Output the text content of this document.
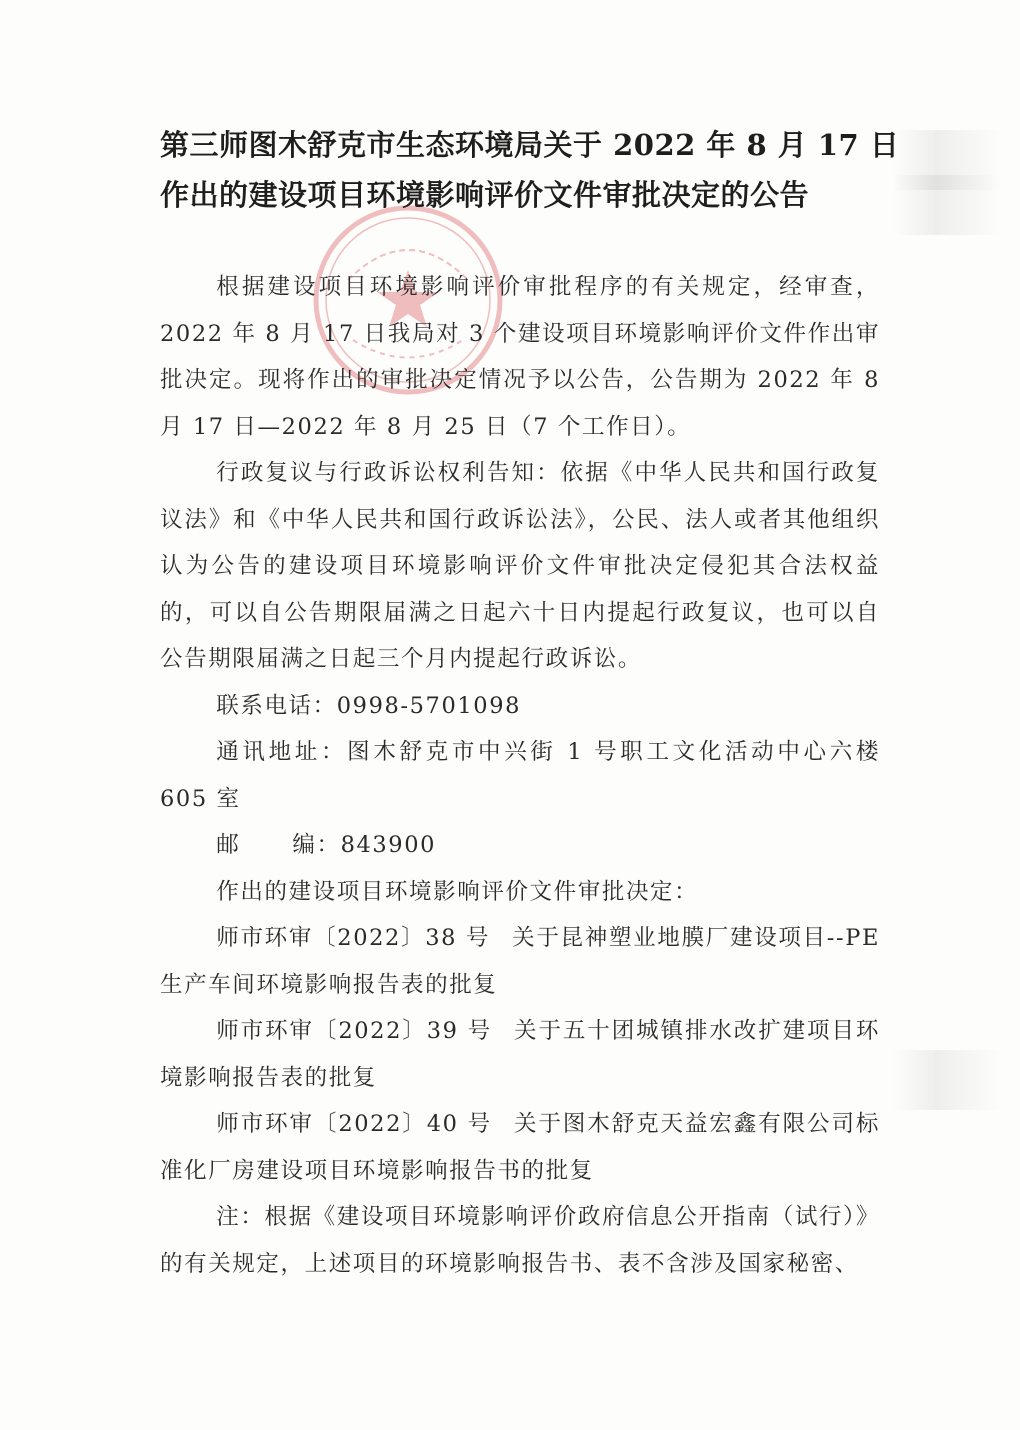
第三师图木舒克市生态环境局关于 2022 年 8 月 17 日
作出的建设项目环境影响评价文件审批决定的公告

根据建设项目环境影响评价审批程序的有关规定，经审查，2022 年 8 月 17 日我局对 3 个建设项目环境影响评价文件作出审批决定。现将作出的审批决定情况予以公告，公告期为 2022 年 8 月 17 日—2022 年 8 月 25 日（7 个工作日）。

行政复议与行政诉讼权利告知：依据《中华人民共和国行政复议法》和《中华人民共和国行政诉讼法》，公民、法人或者其他组织认为公告的建设项目环境影响评价文件审批决定侵犯其合法权益的，可以自公告期限届满之日起六十日内提起行政复议，也可以自公告期限届满之日起三个月内提起行政诉讼。

联系电话：0998-5701098

通讯地址：图木舒克市中兴街 1 号职工文化活动中心六楼 605 室

邮 编：843900

作出的建设项目环境影响评价文件审批决定：

师市环审〔2022〕38 号 关于昆神塑业地膜厂建设项目--PE 生产车间环境影响报告表的批复

师市环审〔2022〕39 号 关于五十团城镇排水改扩建项目环境影响报告表的批复

师市环审〔2022〕40 号 关于图木舒克天益宏鑫有限公司标准化厂房建设项目环境影响报告书的批复

注：根据《建设项目环境影响评价政府信息公开指南（试行）》的有关规定，上述项目的环境影响报告书、表不含涉及国家秘密、
